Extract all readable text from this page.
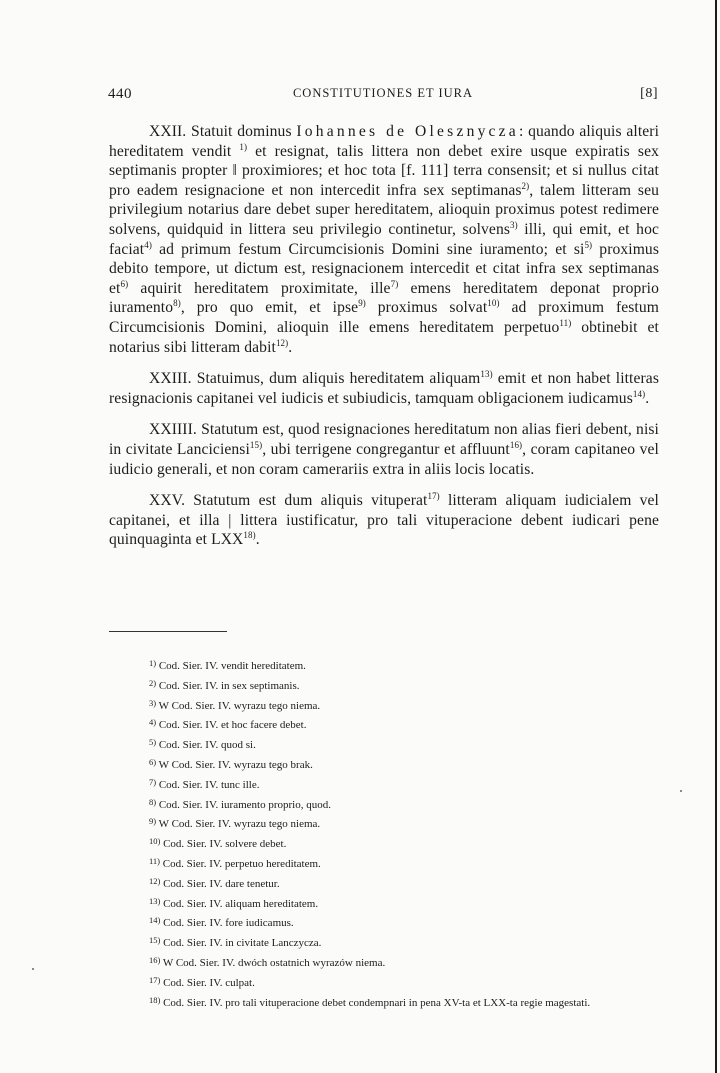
440	CONSTITUTIONES ET IURA	[8]

XXII. Statuit dominus Iohannes de Olesznycza: quando aliquis alteri hereditatem vendit $^{1)}$ et resignat, talis littera non debet exire usque expiratis sex septimanis propter ‖ proximiores; et hoc tota [f. 111] terra consensit; et si nullus citat pro eadem resignacione et non intercedit infra sex septimanas$^{2)}$, talem litteram seu privilegium notarius dare debet super hereditatem, alioquin proximus potest redimere solvens, quidquid in littera seu privilegio continetur, solvens$^{3)}$ illi, qui emit, et hoc faciat$^{4)}$ ad primum festum Circumcisionis Domini sine iuramento; et $si^{5)}$ proximus debito tempore, ut dictum est, resignacionem intercedit et citat infra sex septimanas $et^{6)}$ aquirit hereditatem proximitate, ille$^{7)}$ emens hereditatem deponat proprio iuramento$^{8)}$, pro quo emit, et ipse$^{9)}$ proximus solvat$^{10)}$ ad proximum festum Circumcisionis Domini, alioquin ille emens hereditatem perpetuo$^{11)}$ obtinebit et notarius sibi litteram dabit$^{12)}$.

XXIII. Statuimus, dum aliquis hereditatem aliquam$^{13)}$ emit et non habet litteras resignacionis capitanei vel iudicis et subiudicis, tamquam obligacionem iudicamus$^{14)}$.

XXIIII. Statutum est, quod resignaciones hereditatum non alias fieri debent, nisi in civitate Lanciciensi$^{15)}$, ubi terrigene congregantur et affluunt$^{16)}$, coram capitaneo vel iudicio generali, et non coram camerariis extra in aliis locis locatis.

XXV. Statutum est dum aliquis vituperat$^{17)}$ litteram aliquam iudicialem vel capitanei, et illa | littera iustificatur, pro tali vituperacione debent iudicari pene quinquaginta et LXX$^{18)}$.

$^{1)}$ Cod. Sier. IV. vendit hereditatem.
$^{2)}$ Cod. Sier. IV. in sex septimanis.
$^{3)}$ W Cod. Sier. IV. wyrazu tego niema.
$^{4)}$ Cod. Sier. IV. et hoc facere debet.
$^{5)}$ Cod. Sier. IV. quod si.
$^{6)}$ W Cod. Sier. IV. wyrazu tego brak.
$^{7)}$ Cod. Sier. IV. tunc ille.
$^{8)}$ Cod. Sier. IV. iuramento proprio, quod.
$^{9)}$ W Cod. Sier. IV. wyrazu tego niema.
$^{10)}$ Cod. Sier. IV. solvere debet.
$^{11)}$ Cod. Sier. IV. perpetuo hereditatem.
$^{12)}$ Cod. Sier. IV. dare tenetur.
$^{13)}$ Cod. Sier. IV. aliquam hereditatem.
$^{14)}$ Cod. Sier. IV. fore iudicamus.
$^{15)}$ Cod. Sier. IV. in civitate Lanczycza.
$^{16)}$ W Cod. Sier. IV. dwóch ostatnich wyrazów niema.
$^{17)}$ Cod. Sier. IV. culpat.
$^{18)}$ Cod. Sier. IV. pro tali vituperacione debet condempnari in pena XV-ta et LXX-ta regie magestati.
